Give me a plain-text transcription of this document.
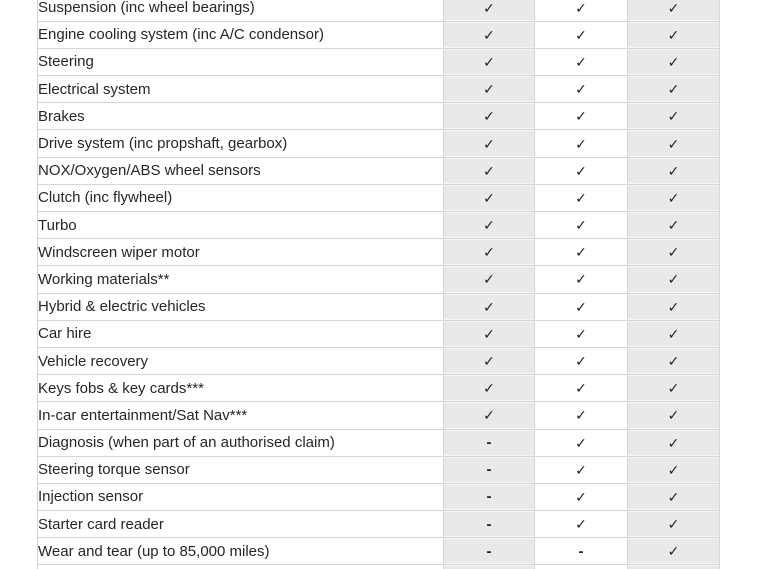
Suspension (inc wheel bearings)	✓	✓	✓
Engine cooling system (inc A/C condensor)	✓	✓	✓
Steering	✓	✓	✓
Electrical system	✓	✓	✓
Brakes	✓	✓	✓
Drive system (inc propshaft, gearbox)	✓	✓	✓
NOX/Oxygen/ABS wheel sensors	✓	✓	✓
Clutch (inc flywheel)	✓	✓	✓
Turbo	✓	✓	✓
Windscreen wiper motor	✓	✓	✓
Working materials**	✓	✓	✓
Hybrid & electric vehicles	✓	✓	✓
Car hire	✓	✓	✓
Vehicle recovery	✓	✓	✓
Keys fobs & key cards***	✓	✓	✓
In-car entertainment/Sat Nav***	✓	✓	✓
Diagnosis (when part of an authorised claim)	-	✓	✓
Steering torque sensor	-	✓	✓
Injection sensor	-	✓	✓
Starter card reader	-	✓	✓
Wear and tear (up to 85,000 miles)	-	-	✓
